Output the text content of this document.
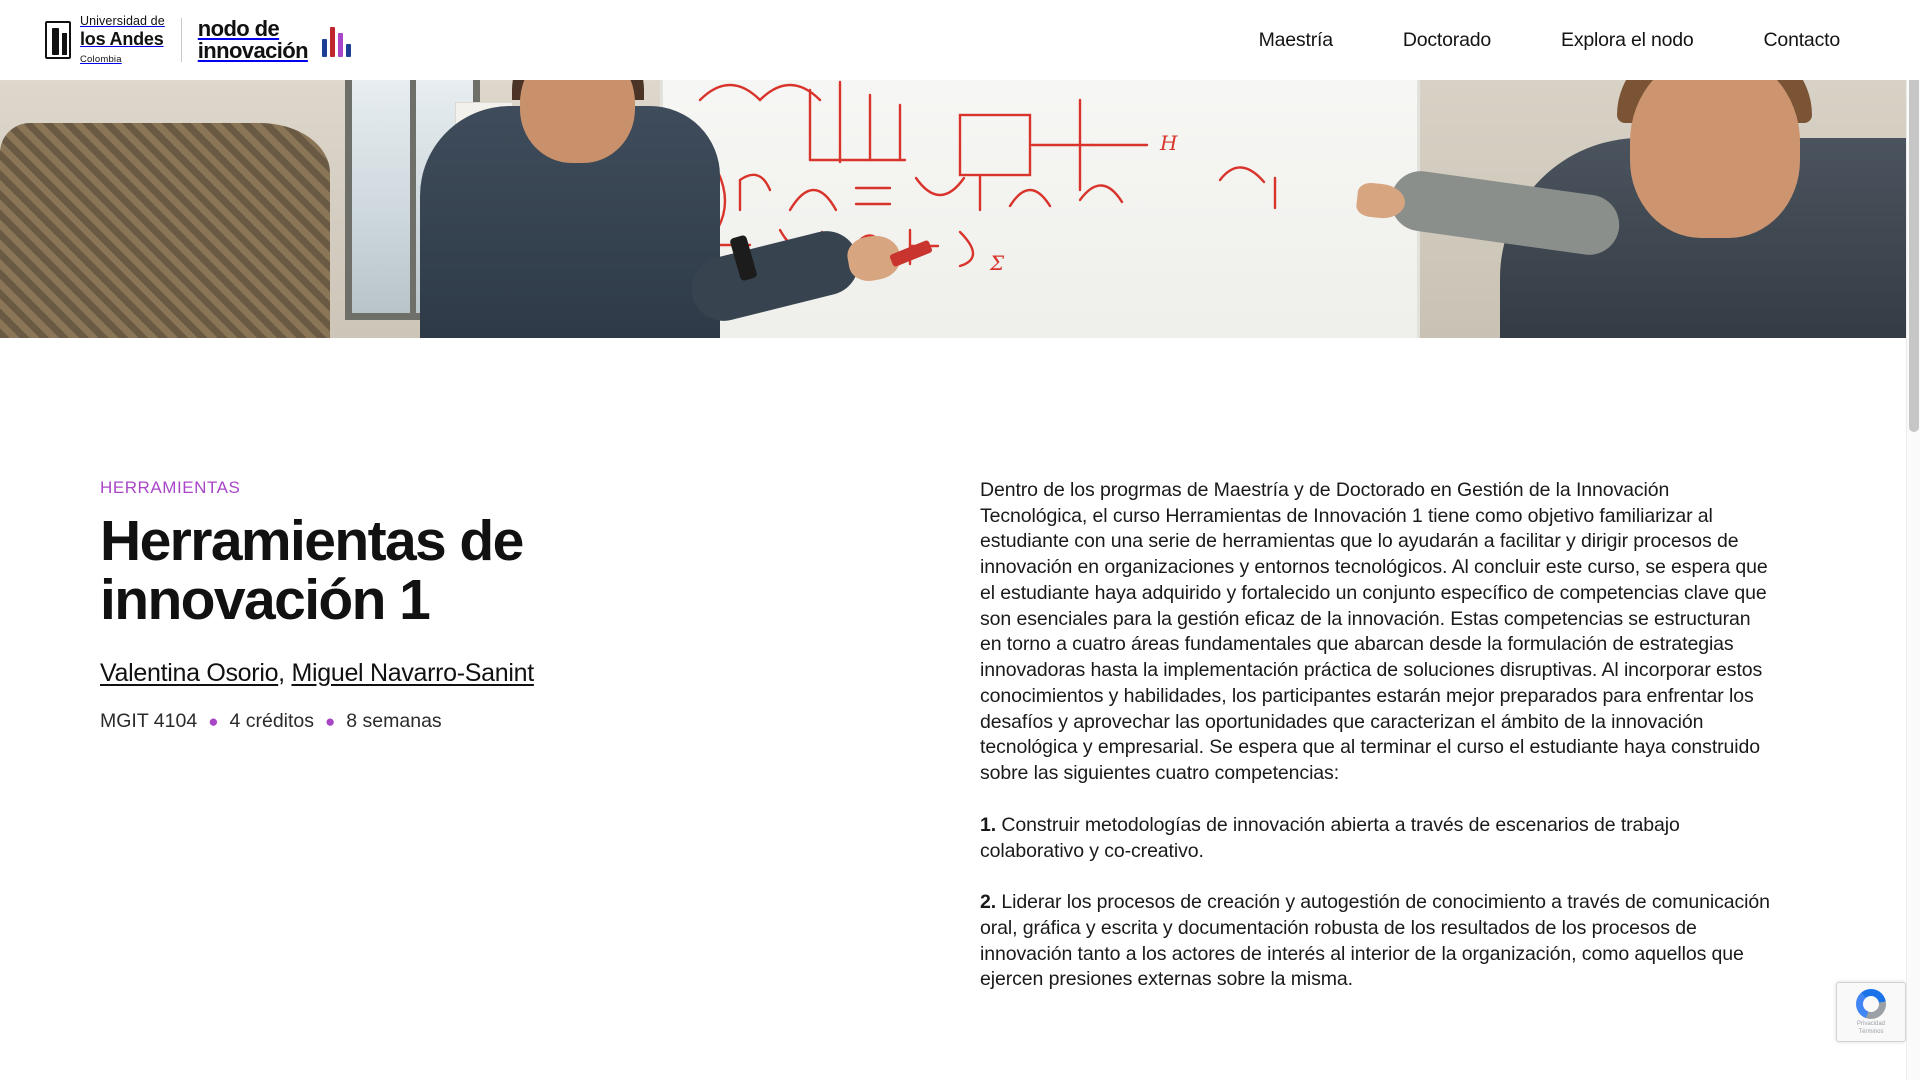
Universidad de
los Andes
Colombia
nodo de
innovación	Maestría	Doctorado	Explora el nodo	Contacto
Σ
H

HERRAMIENTAS

Herramientas de innovación 1
Valentina Osorio, Miguel Navarro-Sanint
MGIT 4104 ● 4 créditos ● 8 semanas

Dentro de los progrmas de Maestría y de Doctorado en Gestión de la Innovación Tecnológica, el curso Herramientas de Innovación 1 tiene como objetivo familiarizar al estudiante con una serie de herramientas que lo ayudarán a facilitar y dirigir procesos de innovación en organizaciones y entornos tecnológicos. Al concluir este curso, se espera que el estudiante haya adquirido y fortalecido un conjunto específico de competencias clave que son esenciales para la gestión eficaz de la innovación. Estas competencias se estructuran en torno a cuatro áreas fundamentales que abarcan desde la formulación de estrategias innovadoras hasta la implementación práctica de soluciones disruptivas. Al incorporar estos conocimientos y habilidades, los participantes estarán mejor preparados para enfrentar los desafíos y aprovechar las oportunidades que caracterizan el ámbito de la innovación tecnológica y empresarial. Se espera que al terminar el curso el estudiante haya construido sobre las siguientes cuatro competencias:

1. Construir metodologías de innovación abierta a través de escenarios de trabajo colaborativo y co-creativo.

2. Liderar los procesos de creación y autogestión de conocimiento a través de comunicación oral, gráfica y escrita y documentación robusta de los resultados de los procesos de innovación tanto a los actores de interés al interior de la organización, como aquellos que ejercen presiones externas sobre la misma.

Privacidad
Términos
